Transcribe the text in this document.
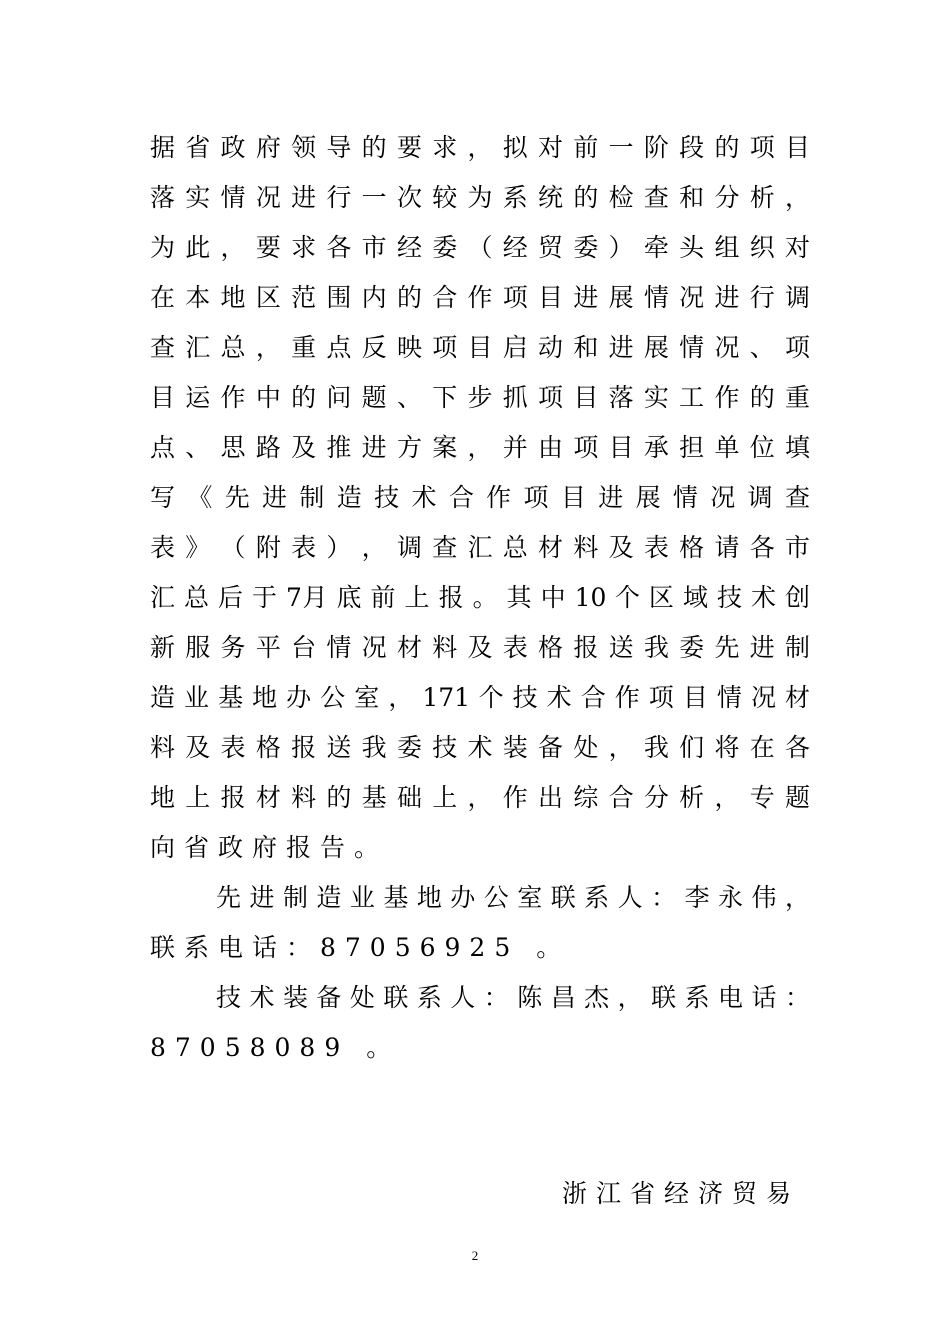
据 省 政 府 领 导 的 要 求 ， 拟 对 前 一 阶 段 的 项 目
落 实 情 况 进 行 一 次 较 为 系 统 的 检 查 和 分 析 ，
为 此 ， 要 求 各 市 经 委 （ 经 贸 委 ） 牵 头 组 织 对
在 本 地 区 范 围 内 的 合 作 项 目 进 展 情 况 进 行 调
查 汇 总 ， 重 点 反 映 项 目 启 动 和 进 展 情 况 、 项
目 运 作 中 的 问 题 、 下 步 抓 项 目 落 实 工 作 的 重
点 、 思 路 及 推 进 方 案 ， 并 由 项 目 承 担 单 位 填
写 《 先 进 制 造 技 术 合 作 项 目 进 展 情 况 调 查
表 》 （ 附 表 ） ， 调 查 汇 总 材 料 及 表 格 请 各 市
汇 总 后 于 7月 底 前 上 报 。 其 中 10 个 区 域 技 术 创
新 服 务 平 台 情 况 材 料 及 表 格 报 送 我 委 先 进 制
造 业 基 地 办 公 室 ， 171 个 技 术 合 作 项 目 情 况 材
料 及 表 格 报 送 我 委 技 术 装 备 处 ， 我 们 将 在 各
地 上 报 材 料 的 基 础 上 ， 作 出 综 合 分 析 ， 专 题
向省政府报告。
先 进 制 造 业 基 地 办 公 室 联 系 人 ： 李 永 伟 ，
联系电话：87056925 。
技 术 装 备 处 联 系 人 ： 陈 昌 杰 ， 联 系 电 话 ：
87058089 。
浙江省经济贸易
2
